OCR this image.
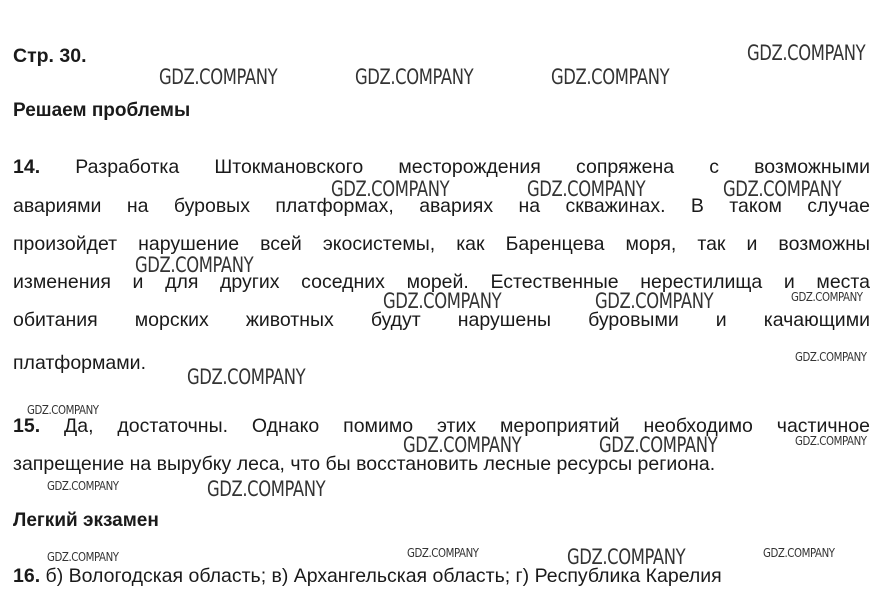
Стр. 30.
Решаем проблемы
14. Разработка Штокмановского месторождения сопряжена с возможными
авариями на буровых платформах, авариях на скважинах. В таком случае
произойдет нарушение всей экосистемы, как Баренцева моря, так и возможны
изменения и для других соседних морей. Естественные нерестилища и места
обитания морских животных будут нарушены буровыми и качающими
платформами.
15. Да, достаточны. Однако помимо этих мероприятий необходимо частичное
запрещение на вырубку леса, что бы восстановить лесные ресурсы региона.
Легкий экзамен
16. б) Вологодская область; в) Архангельская область; г) Республика Карелия
GDZ.COMPANY
GDZ.COMPANY	GDZ.COMPANY	GDZ.COMPANY
GDZ.COMPANY	GDZ.COMPANY	GDZ.COMPANY
GDZ.COMPANY
GDZ.COMPANY	GDZ.COMPANY	GDZ.COMPANY
GDZ.COMPANY
GDZ.COMPANY
GDZ.COMPANY
GDZ.COMPANY	GDZ.COMPANY	GDZ.COMPANY
GDZ.COMPANY	GDZ.COMPANY
GDZ.COMPANY	GDZ.COMPANY	GDZ.COMPANY	GDZ.COMPANY
